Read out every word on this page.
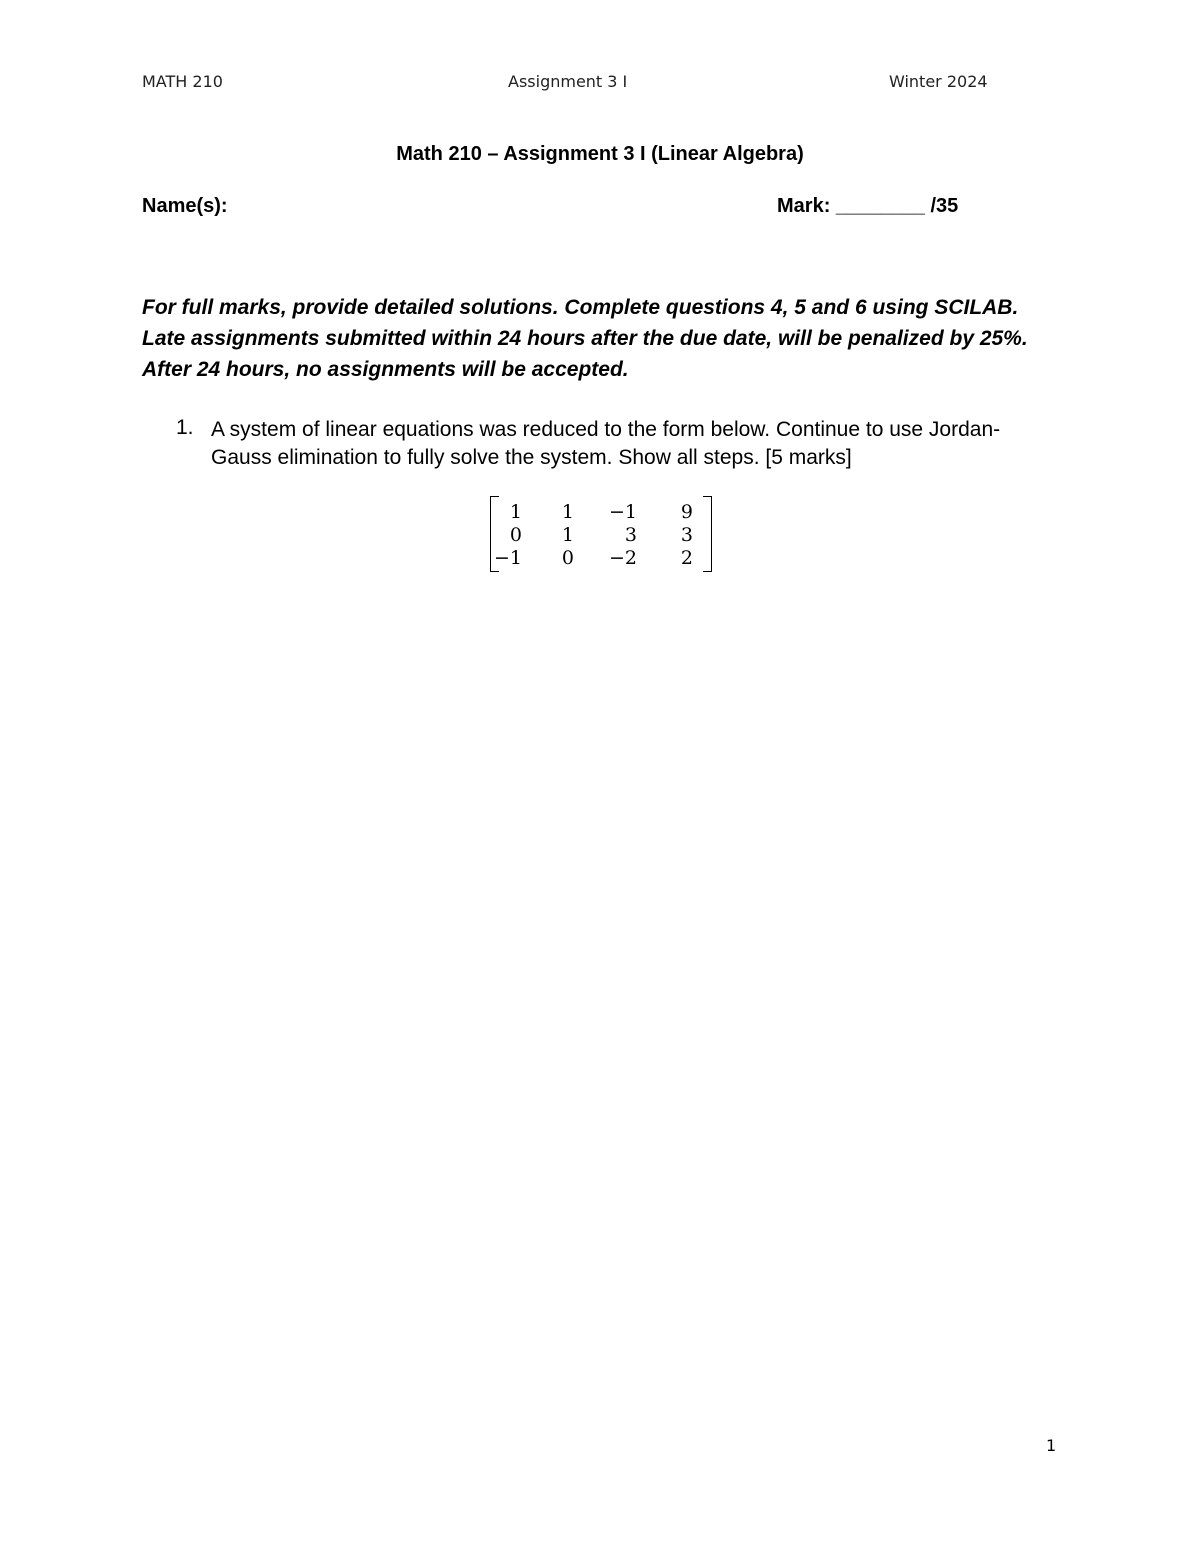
MATH 210	Assignment 3 I	Winter 2024
Math 210 – Assignment 3 I (Linear Algebra)
Name(s):	Mark: ________ /35
For full marks, provide detailed solutions. Complete questions 4, 5 and 6 using SCILAB. Late assignments submitted within 24 hours after the due date, will be penalized by 25%. After 24 hours, no assignments will be accepted.
1. A system of linear equations was reduced to the form below. Continue to use Jordan-Gauss elimination to fully solve the system. Show all steps. [5 marks]
1	1	−1	9
0	1	3	3
−1	0	−2	2
1
